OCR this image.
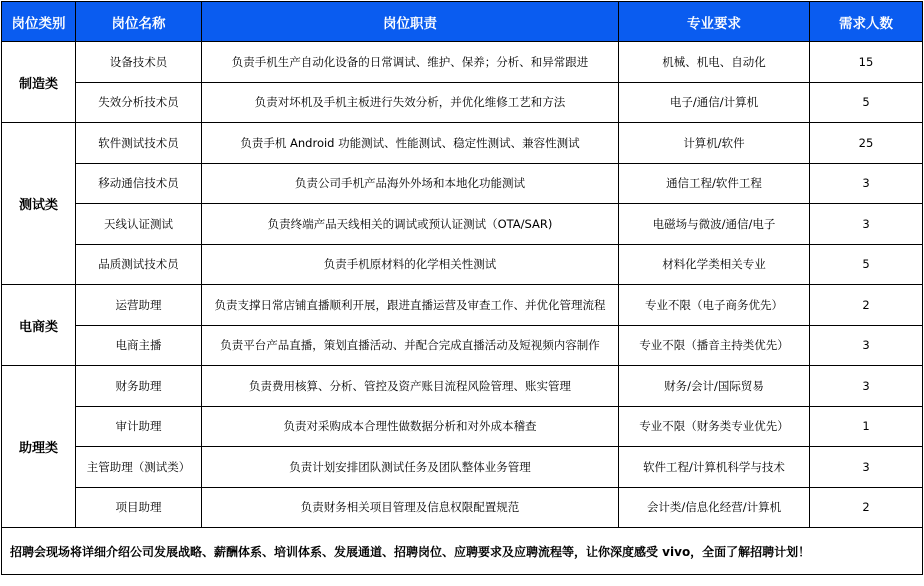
岗位类别	岗位名称	岗位职责	专业要求	需求人数
制造类	设备技术员	负责手机生产自动化设备的日常调试、维护、保养；分析、和异常跟进	机械、机电、自动化	15
	失效分析技术员	负责对坏机及手机主板进行失效分析，并优化维修工艺和方法	电子/通信/计算机	5
测试类	软件测试技术员	负责手机 Android 功能测试、性能测试、稳定性测试、兼容性测试	计算机/软件	25
	移动通信技术员	负责公司手机产品海外外场和本地化功能测试	通信工程/软件工程	3
	天线认证测试	负责终端产品天线相关的调试或预认证测试（OTA/SAR)	电磁场与微波/通信/电子	3
	品质测试技术员	负责手机原材料的化学相关性测试	材料化学类相关专业	5
电商类	运营助理	负责支撑日常店铺直播顺利开展，跟进直播运营及审查工作、并优化管理流程	专业不限（电子商务优先）	2
	电商主播	负责平台产品直播，策划直播活动、并配合完成直播活动及短视频内容制作	专业不限（播音主持类优先）	3
助理类	财务助理	负责费用核算、分析、管控及资产账目流程风险管理、账实管理	财务/会计/国际贸易	3
	审计助理	负责对采购成本合理性做数据分析和对外成本稽查	专业不限（财务类专业优先）	1
	主管助理（测试类）	负责计划安排团队测试任务及团队整体业务管理	软件工程/计算机科学与技术	3
	项目助理	负责财务相关项目管理及信息权限配置规范	会计类/信息化经营/计算机	2
招聘会现场将详细介绍公司发展战略、薪酬体系、培训体系、发展通道、招聘岗位、应聘要求及应聘流程等，让你深度感受 vivo，全面了解招聘计划！				
